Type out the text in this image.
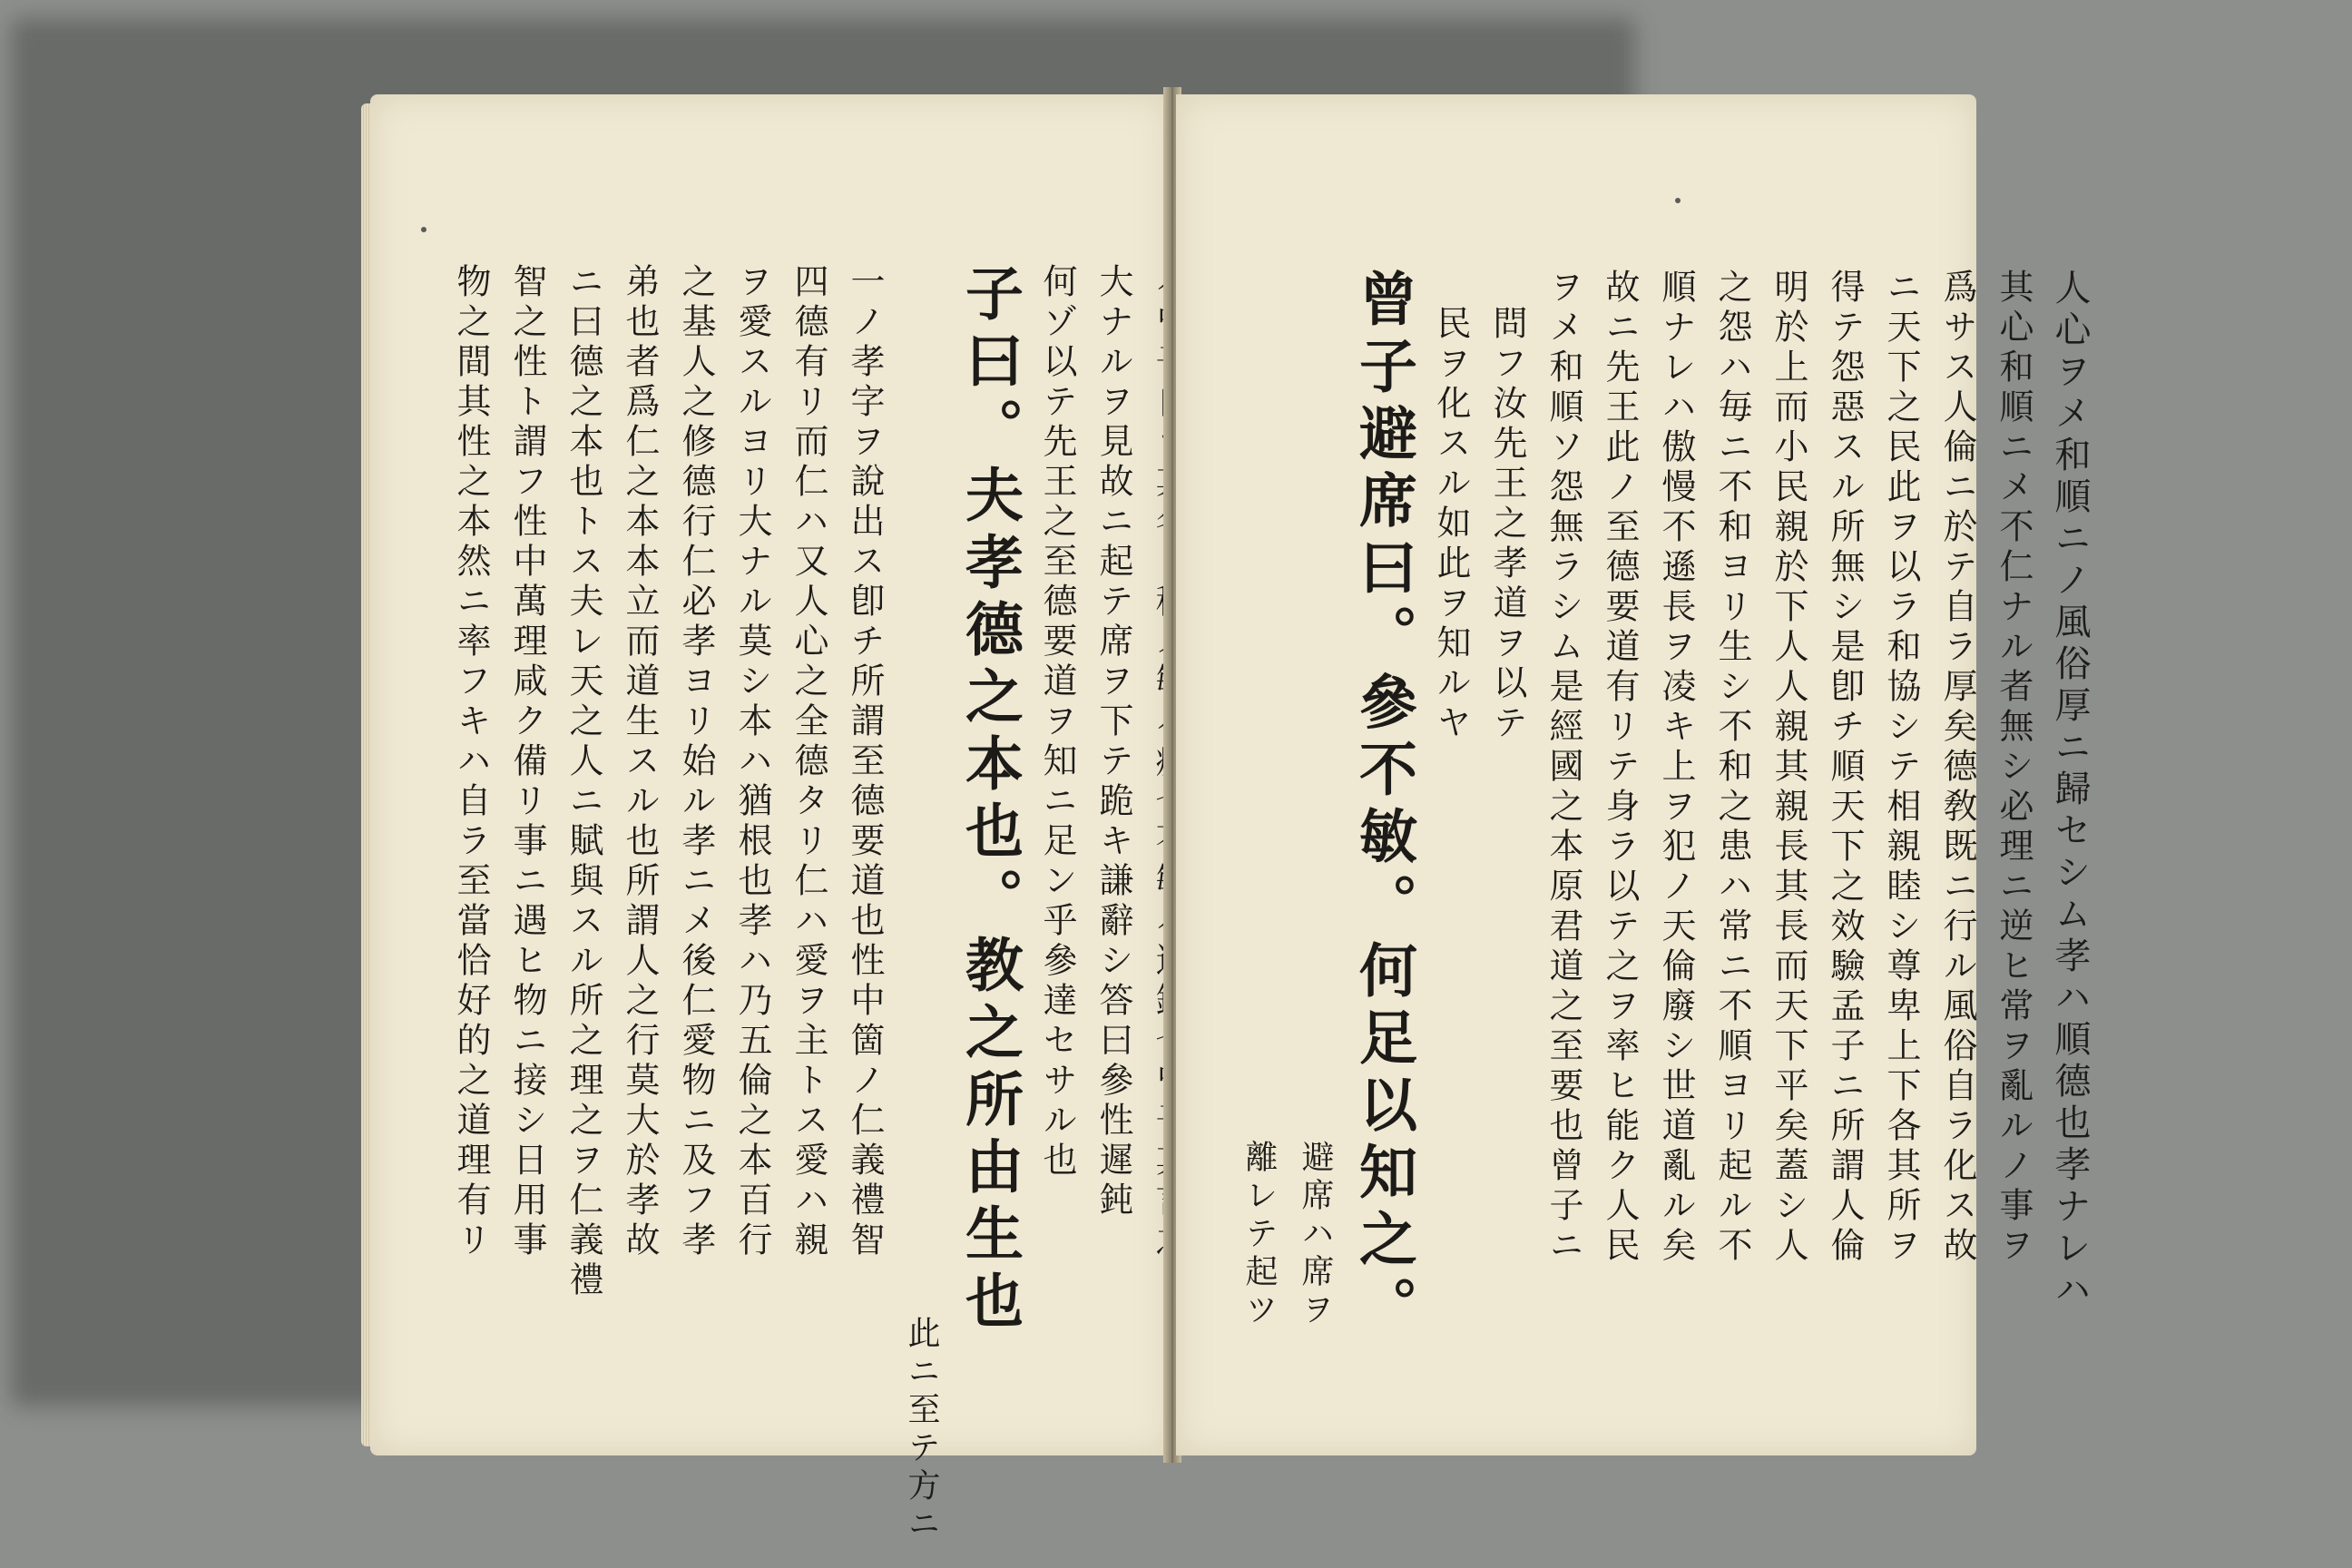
大ナルヲ見故ニ起テ席ヲ下テ跪キ謙辭シ答曰參性遲鈍
何ゾ以テ先王之至德要道ヲ知ニ足ン乎參達セサル也
子曰。夫孝德之本也。教之所由生也
此ニ至テ方ニ
一ノ孝字ヲ說出ス卽チ所謂至德要道也性中箇ノ仁義禮智
四德有リ而仁ハ又人心之全德タリ仁ハ愛ヲ主トス愛ハ親
ヲ愛スルヨリ大ナル莫シ本ハ猶根也孝ハ乃五倫之本百行
之基人之修德行仁必孝ヨリ始ル孝ニメ後仁愛物ニ及フ孝
弟也者爲仁之本本立而道生スル也所謂人之行莫大於孝故
ニ曰德之本也トス夫レ天之人ニ賦與スル所之理之ヲ仁義禮
智之性ト謂フ性中萬理咸ク備リ事ニ遇ヒ物ニ接シ日用事
物之間其性之本然ニ率フキハ自ラ至當恰好的之道理有リ	人心ヲメ和順ニノ風俗厚ニ歸セシム孝ハ順德也孝ナレハ
其心和順ニメ不仁ナル者無シ必理ニ逆ヒ常ヲ亂ルノ事ヲ
爲サス人倫ニ於テ自ラ厚矣德敎既ニ行ル風俗自ラ化ス故
ニ天下之民此ヲ以ラ和協シテ相親睦シ尊卑上下各其所ヲ
得テ怨惡スル所無シ是卽チ順天下之效驗孟子ニ所謂人倫
明於上而小民親於下人人親其親長其長而天下平矣蓋シ人
之怨ハ毎ニ不和ヨリ生シ不和之患ハ常ニ不順ヨリ起ル不
順ナレハ傲慢不遜長ヲ凌キ上ヲ犯ノ天倫廢シ世道亂ル矣
故ニ先王此ノ至德要道有リテ身ラ以テ之ヲ率ヒ能ク人民
ヲメ和順ソ怨無ラシム是經國之本原君道之至要也曾子ニ
問フ汝先王之孝道ヲ以テ
民ヲ化スル如此ヲ知ルヤ
曾子避席曰。參不敏。何足以知之。
避席ハ席ヲ
離レテ起ツ
